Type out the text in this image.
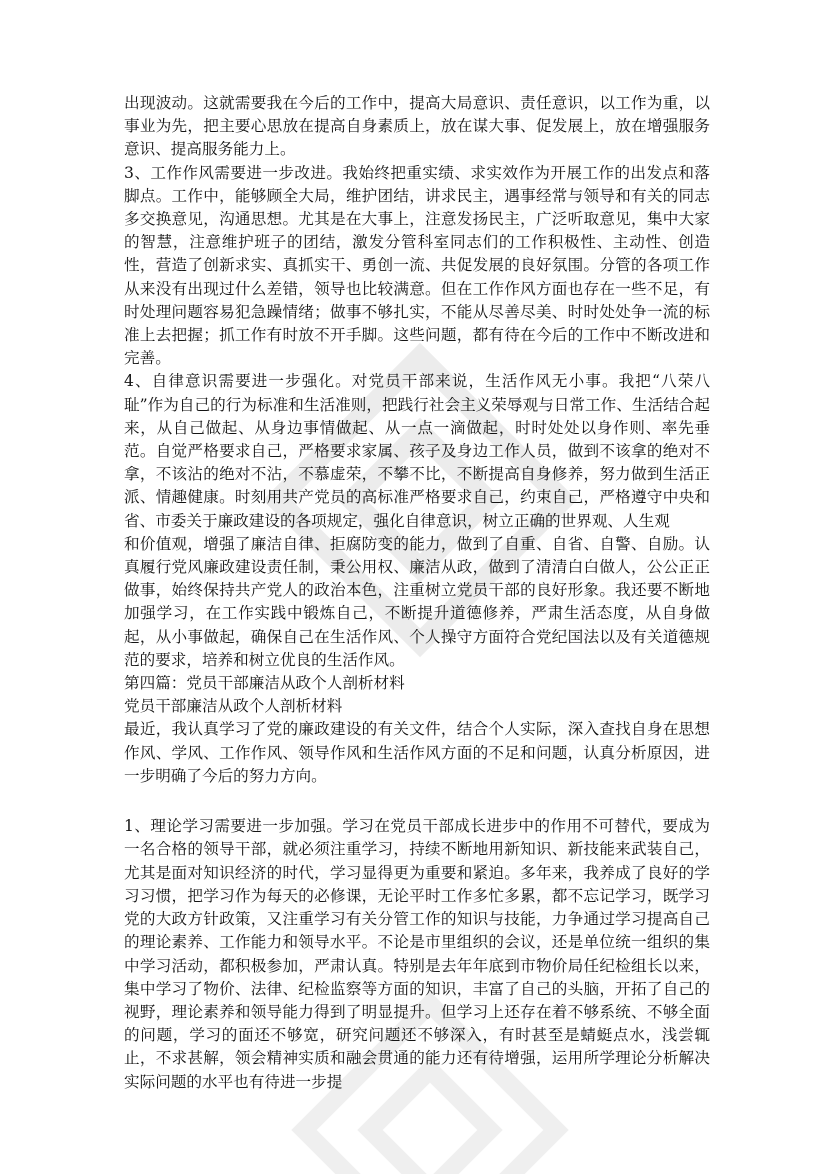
出现波动。这就需要我在今后的工作中，提高大局意识、责任意识，以工作为重，以事业为先，把主要心思放在提高自身素质上，放在谋大事、促发展上，放在增强服务意识、提高服务能力上。

3、工作作风需要进一步改进。我始终把重实绩、求实效作为开展工作的出发点和落脚点。工作中，能够顾全大局，维护团结，讲求民主，遇事经常与领导和有关的同志多交换意见，沟通思想。尤其是在大事上，注意发扬民主，广泛听取意见，集中大家的智慧，注意维护班子的团结，激发分管科室同志们的工作积极性、主动性、创造性，营造了创新求实、真抓实干、勇创一流、共促发展的良好氛围。分管的各项工作从来没有出现过什么差错，领导也比较满意。但在工作作风方面也存在一些不足，有时处理问题容易犯急躁情绪；做事不够扎实，不能从尽善尽美、时时处处争一流的标准上去把握；抓工作有时放不开手脚。这些问题，都有待在今后的工作中不断改进和完善。

4、自律意识需要进一步强化。对党员干部来说，生活作风无小事。我把“八荣八耻”作为自己的行为标准和生活准则，把践行社会主义荣辱观与日常工作、生活结合起来，从自己做起、从身边事情做起、从一点一滴做起，时时处处以身作则、率先垂范。自觉严格要求自己，严格要求家属、孩子及身边工作人员，做到不该拿的绝对不拿，不该沾的绝对不沾，不慕虚荣，不攀不比，不断提高自身修养，努力做到生活正派、情趣健康。时刻用共产党员的高标准严格要求自己，约束自己，严格遵守中央和省、市委关于廉政建设的各项规定，强化自律意识，树立正确的世界观、人生观

和价值观，增强了廉洁自律、拒腐防变的能力，做到了自重、自省、自警、自励。认真履行党风廉政建设责任制，秉公用权、廉洁从政，做到了清清白白做人，公公正正做事，始终保持共产党人的政治本色，注重树立党员干部的良好形象。我还要不断地加强学习，在工作实践中锻炼自己，不断提升道德修养，严肃生活态度，从自身做起，从小事做起，确保自己在生活作风、个人操守方面符合党纪国法以及有关道德规范的要求，培养和树立优良的生活作风。

第四篇：党员干部廉洁从政个人剖析材料

党员干部廉洁从政个人剖析材料

最近，我认真学习了党的廉政建设的有关文件，结合个人实际，深入查找自身在思想作风、学风、工作作风、领导作风和生活作风方面的不足和问题，认真分析原因，进一步明确了今后的努力方向。

1、理论学习需要进一步加强。学习在党员干部成长进步中的作用不可替代，要成为一名合格的领导干部，就必须注重学习，持续不断地用新知识、新技能来武装自己，尤其是面对知识经济的时代，学习显得更为重要和紧迫。多年来，我养成了良好的学习习惯，把学习作为每天的必修课，无论平时工作多忙多累，都不忘记学习，既学习党的大政方针政策，又注重学习有关分管工作的知识与技能，力争通过学习提高自己的理论素养、工作能力和领导水平。不论是市里组织的会议，还是单位统一组织的集中学习活动，都积极参加，严肃认真。特别是去年年底到市物价局任纪检组长以来，集中学习了物价、法律、纪检监察等方面的知识，丰富了自己的头脑，开拓了自己的视野，理论素养和领导能力得到了明显提升。但学习上还存在着不够系统、不够全面的问题，学习的面还不够宽，研究问题还不够深入，有时甚至是蜻蜓点水，浅尝辄止，不求甚解，领会精神实质和融会贯通的能力还有待增强，运用所学理论分析解决实际问题的水平也有待进一步提
